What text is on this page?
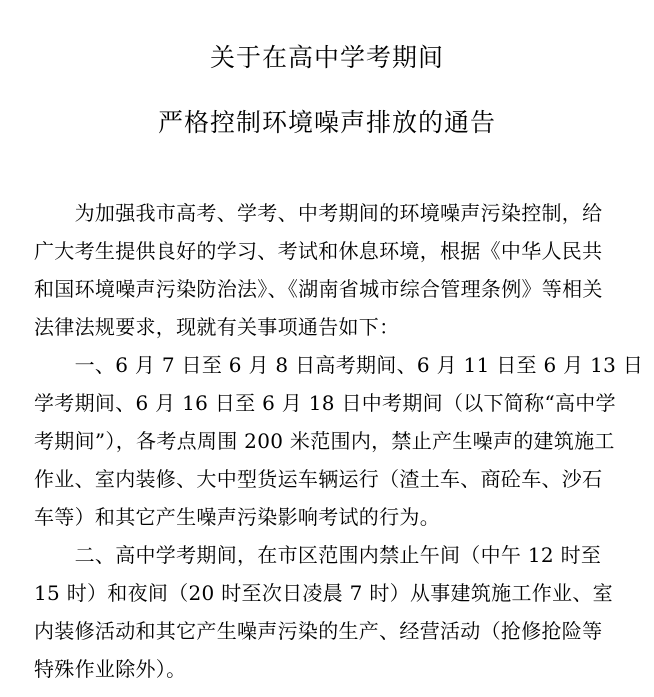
关于在高中学考期间
严格控制环境噪声排放的通告
　　为加强我市高考、学考、中考期间的环境噪声污染控制，给
广大考生提供良好的学习、考试和休息环境，根据《中华人民共
和国环境噪声污染防治法》、《湖南省城市综合管理条例》等相关
法律法规要求，现就有关事项通告如下：
　　一、6 月 7 日至 6 月 8 日高考期间、6 月 11 日至 6 月 13 日
学考期间、6 月 16 日至 6 月 18 日中考期间（以下简称“高中学
考期间”），各考点周围 200 米范围内，禁止产生噪声的建筑施工
作业、室内装修、大中型货运车辆运行（渣土车、商砼车、沙石
车等）和其它产生噪声污染影响考试的行为。
　　二、高中学考期间，在市区范围内禁止午间（中午 12 时至
15 时）和夜间（20 时至次日凌晨 7 时）从事建筑施工作业、室
内装修活动和其它产生噪声污染的生产、经营活动（抢修抢险等
特殊作业除外）。
